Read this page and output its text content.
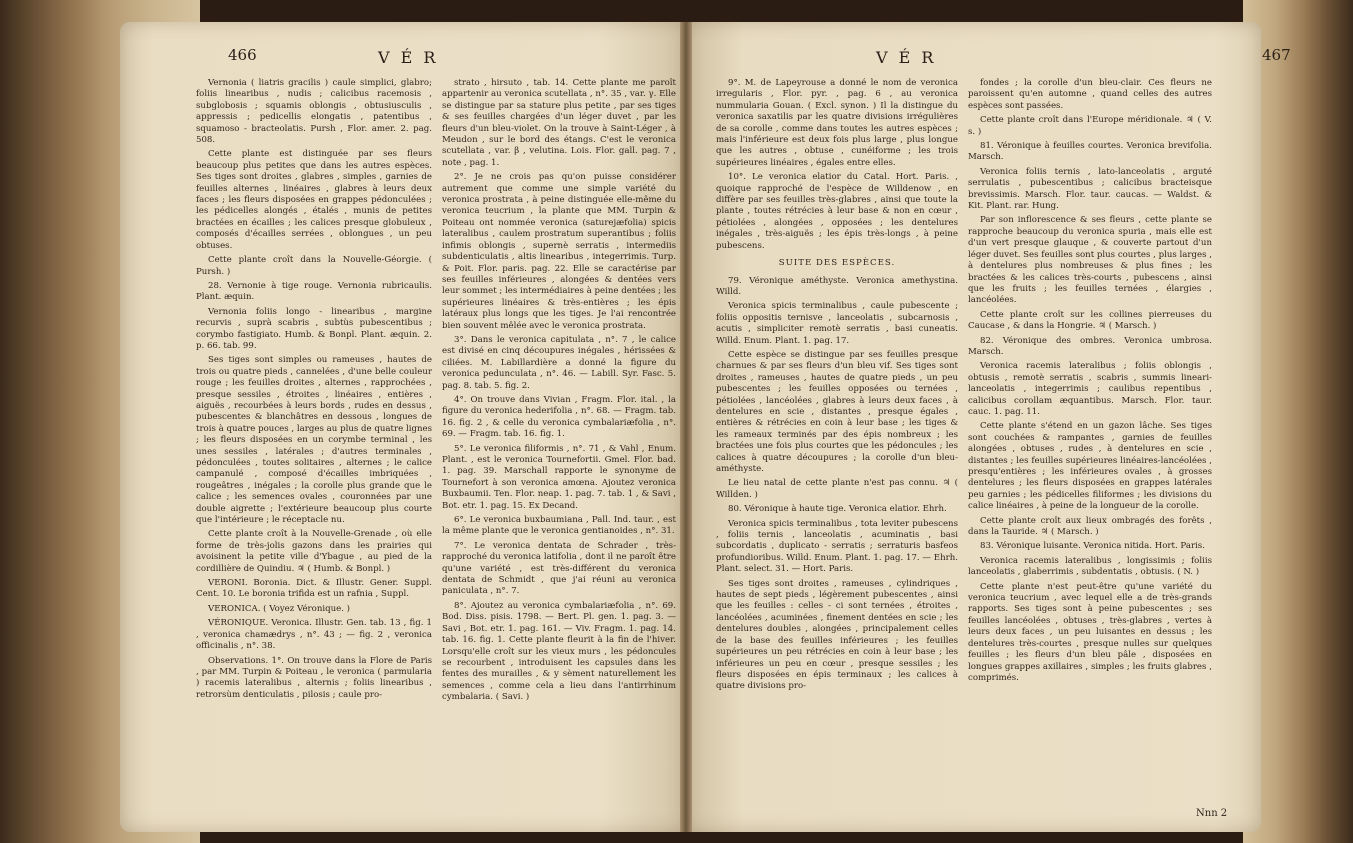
466	V É R

Vernonia ( liatris gracilis ) caule simplici, glabro; foliis linearibus , nudis ; calicibus racemosis , subglobosis ; squamis oblongis , obtusiusculis , appressis ; pedicellis elongatis , patentibus , squamoso - bracteolatis. Pursh , Flor. amer. 2. pag. 508.

Cette plante est distinguée par ses fleurs beaucoup plus petites que dans les autres espèces. Ses tiges sont droites , glabres , simples , garnies de feuilles alternes , linéaires , glabres à leurs deux faces ; les fleurs disposées en grappes pédonculées ; les pédicelles alongés , étalés , munis de petites bractées en écailles ; les calices presque globuleux , composés d'écailles serrées , oblongues , un peu obtuses.

Cette plante croît dans la Nouvelle-Géorgie. ( Pursh. )

28. Vernonie à tige rouge. Vernonia rubricaulis. Plant. æquin.

Vernonia foliis longo - linearibus , margine recurvis , suprà scabris , subtùs pubescentibus ; corymbo fastigiato. Humb. & Bonpl. Plant. æquin. 2. p. 66. tab. 99.

Ses tiges sont simples ou rameuses , hautes de trois ou quatre pieds , cannelées , d'une belle couleur rouge ; les feuilles droites , alternes , rapprochées , presque sessiles , étroites , linéaires , entières , aiguës , recourbées à leurs bords , rudes en dessus , pubescentes & blanchâtres en dessous , longues de trois à quatre pouces , larges au plus de quatre lignes ; les fleurs disposées en un corymbe terminal , les unes sessiles , latérales ; d'autres terminales , pédonculées , toutes solitaires , alternes ; le calice campanulé , composé d'écailles imbriquées , rougeâtres , inégales ; la corolle plus grande que le calice ; les semences ovales , couronnées par une double aigrette ; l'extérieure beaucoup plus courte que l'intérieure ; le réceptacle nu.

Cette plante croît à la Nouvelle-Grenade , où elle forme de très-jolis gazons dans les prairies qui avoisinent la petite ville d'Ybague , au pied de la cordillière de Quindiu. ♃ ( Humb. & Bonpl. )

VERONI. Boronia. Dict. & Illustr. Gener. Suppl. Cent. 10. Le boronia trifida est un rafnia , Suppl.

VERONICA. ( Voyez Véronique. )

VÉRONIQUE. Veronica. Illustr. Gen. tab. 13 , fig. 1 , veronica chamædrys , n°. 43 ; — fig. 2 , veronica officinalis , n°. 38.

Observations. 1°. On trouve dans la Flore de Paris , par MM. Turpin & Poiteau , le veronica ( parmularia ) racemis lateralibus , alternis ; foliis linearibus , retrorsùm denticulatis , pilosis ; caule pro-

strato , hirsuto , tab. 14. Cette plante me paroît appartenir au veronica scutellata , n°. 35 , var. γ. Elle se distingue par sa stature plus petite , par ses tiges & ses feuilles chargées d'un léger duvet , par les fleurs d'un bleu-violet. On la trouve à Saint-Léger , à Meudon , sur le bord des étangs. C'est le veronica scutellata , var. β , velutina. Lois. Flor. gall. pag. 7 , note , pag. 1.

2°. Je ne crois pas qu'on puisse considérer autrement que comme une simple variété du veronica prostrata , à peine distinguée elle-même du veronica teucrium , la plante que MM. Turpin & Poiteau ont nommée veronica (saturejæfolia) spicis lateralibus , caulem prostratum superantibus ; foliis infimis oblongis , supernè serratis , intermediis subdenticulatis , altis linearibus , integerrimis. Turp. & Poit. Flor. paris. pag. 22. Elle se caractérise par ses feuilles inférieures , alongées & dentées vers leur sommet ; les intermédiaires à peine dentées ; les supérieures linéaires & très-entières ; les épis latéraux plus longs que les tiges. Je l'ai rencontrée bien souvent mêlée avec le veronica prostrata.

3°. Dans le veronica capitulata , n°. 7 , le calice est divisé en cinq découpures inégales , hérissées & ciliées. M. Labillardière a donné la figure du veronica pedunculata , n°. 46. — Labill. Syr. Fasc. 5. pag. 8. tab. 5. fig. 2.

4°. On trouve dans Vivian , Fragm. Flor. ital. , la figure du veronica hederifolia , n°. 68. — Fragm. tab. 16. fig. 2 , & celle du veronica cymbalariæfolia , n°. 69. — Fragm. tab. 16. fig. 1.

5°. Le veronica filiformis , n°. 71 , & Vahl , Enum. Plant. , est le veronica Tournefortii. Gmel. Flor. bad. 1. pag. 39. Marschall rapporte le synonyme de Tournefort à son veronica amœna. Ajoutez veronica Buxbaumii. Ten. Flor. neap. 1. pag. 7. tab. 1 , & Savi , Bot. etr. 1. pag. 15. Ex Decand.

6°. Le veronica buxbaumiana , Pall. Ind. taur. , est la même plante que le veronica gentianoides , n°. 31.

7°. Le veronica dentata de Schrader , très-rapproché du veronica latifolia , dont il ne paroît être qu'une variété , est très-différent du veronica dentata de Schmidt , que j'ai réuni au veronica paniculata , n°. 7.

8°. Ajoutez au veronica cymbalariæfolia , n°. 69. Bod. Diss. pisis. 1798. — Bert. Pl. gen. 1. pag. 3. — Savi , Bot. etr. 1. pag. 161. — Viv. Fragm. 1. pag. 14. tab. 16. fig. 1. Cette plante fleurit à la fin de l'hiver. Lorsqu'elle croît sur les vieux murs , les pédoncules se recourbent , introduisent les capsules dans les fentes des murailles , & y sèment naturellement les semences , comme cela a lieu dans l'antirrhinum cymbalaria. ( Savi. )

V É R	467

9°. M. de Lapeyrouse a donné le nom de veronica irregularis , Flor. pyr. , pag. 6 , au veronica nummularia Gouan. ( Excl. synon. ) Il la distingue du veronica saxatilis par les quatre divisions irrégulières de sa corolle , comme dans toutes les autres espèces ; mais l'inférieure est deux fois plus large , plus longue que les autres , obtuse , cunéiforme ; les trois supérieures linéaires , égales entre elles.

10°. Le veronica elatior du Catal. Hort. Paris. , quoique rapproché de l'espèce de Willdenow , en diffère par ses feuilles très-glabres , ainsi que toute la plante , toutes rétrécies à leur base & non en cœur , pétiolées , alongées , opposées ; les dentelures inégales , très-aiguës ; les épis très-longs , à peine pubescens.

SUITE DES ESPÈCES.

79. Véronique améthyste. Veronica amethystina. Willd.

Veronica spicis terminalibus , caule pubescente ; foliis oppositis ternisve , lanceolatis , subcarnosis , acutis , simpliciter remotè serratis , basi cuneatis. Willd. Enum. Plant. 1. pag. 17.

Cette espèce se distingue par ses feuilles presque charnues & par ses fleurs d'un bleu vif. Ses tiges sont droites , rameuses , hautes de quatre pieds , un peu pubescentes ; les feuilles opposées ou ternées , pétiolées , lancéolées , glabres à leurs deux faces , à dentelures en scie , distantes , presque égales , entières & rétrécies en coin à leur base ; les tiges & les rameaux terminés par des épis nombreux ; les bractées une fois plus courtes que les pédoncules ; les calices à quatre découpures ; la corolle d'un bleu-améthyste.

Le lieu natal de cette plante n'est pas connu. ♃ ( Willden. )

80. Véronique à haute tige. Veronica elatior. Ehrh.

Veronica spicis terminalibus , tota leviter pubescens , foliis ternis , lanceolatis , acuminatis , basi subcordatis , duplicato - serratis ; serraturis basfeos profundioribus. Willd. Enum. Plant. 1. pag. 17. — Ehrh. Plant. select. 31. — Hort. Paris.

Ses tiges sont droites , rameuses , cylindriques , hautes de sept pieds , légèrement pubescentes , ainsi que les feuilles : celles - ci sont ternées , étroites , lancéolées , acuminées , finement dentées en scie ; les dentelures doubles , alongées , principalement celles de la base des feuilles inférieures ; les feuilles supérieures un peu rétrécies en coin à leur base ; les inférieures un peu en cœur , presque sessiles ; les fleurs disposées en épis terminaux ; les calices à quatre divisions pro-

fondes ; la corolle d'un bleu-clair. Ces fleurs ne paroissent qu'en automne , quand celles des autres espèces sont passées.

Cette plante croît dans l'Europe méridionale. ♃ ( V. s. )

81. Véronique à feuilles courtes. Veronica brevifolia. Marsch.

Veronica foliis ternis , lato-lanceolatis , arguté serrulatis , pubescentibus ; calicibus bracteisque brevissimis. Marsch. Flor. taur. caucas. — Waldst. & Kit. Plant. rar. Hung.

Par son inflorescence & ses fleurs , cette plante se rapproche beaucoup du veronica spuria , mais elle est d'un vert presque glauque , & couverte partout d'un léger duvet. Ses feuilles sont plus courtes , plus larges , à dentelures plus nombreuses & plus fines ; les bractées & les calices très-courts , pubescens , ainsi que les fruits ; les feuilles ternées , élargies , lancéolées.

Cette plante croît sur les collines pierreuses du Caucase , & dans la Hongrie. ♃ ( Marsch. )

82. Véronique des ombres. Veronica umbrosa. Marsch.

Veronica racemis lateralibus ; foliis oblongis , obtusis , remotè serratis , scabris , summis lineari-lanceolatis , integerrimis ; caulibus repentibus , calicibus corollam æquantibus. Marsch. Flor. taur. cauc. 1. pag. 11.

Cette plante s'étend en un gazon lâche. Ses tiges sont couchées & rampantes , garnies de feuilles alongées , obtuses , rudes , à dentelures en scie , distantes ; les feuilles supérieures linéaires-lancéolées , presqu'entières ; les inférieures ovales , à grosses dentelures ; les fleurs disposées en grappes latérales peu garnies ; les pédicelles filiformes ; les divisions du calice linéaires , à peine de la longueur de la corolle.

Cette plante croît aux lieux ombragés des forêts , dans la Tauride. ♃ ( Marsch. )

83. Véronique luisante. Veronica nitida. Hort. Paris.

Veronica racemis lateralibus , longissimis ; foliis lanceolatis , glaberrimis , subdentatis , obtusis. ( N. )

Cette plante n'est peut-être qu'une variété du veronica teucrium , avec lequel elle a de très-grands rapports. Ses tiges sont à peine pubescentes ; ses feuilles lancéolées , obtuses , très-glabres , vertes à leurs deux faces , un peu luisantes en dessus ; les dentelures très-courtes , presque nulles sur quelques feuilles ; les fleurs d'un bleu pâle , disposées en longues grappes axillaires , simples ; les fruits glabres , comprimés.

Nnn 2
